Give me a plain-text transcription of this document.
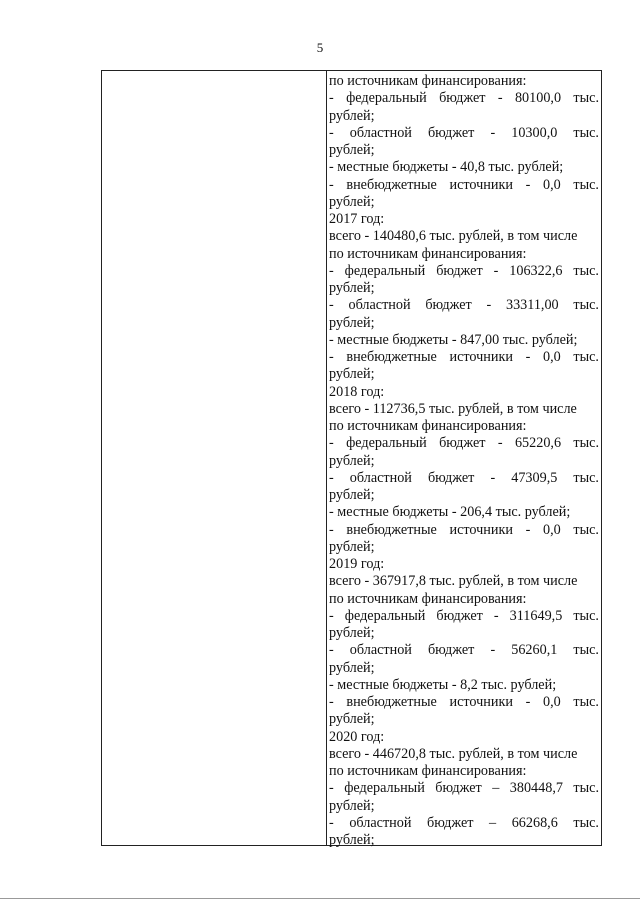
5
по источникам финансирования:
- федеральный бюджет - 80100,0 тыс.
рублей;
- областной бюджет - 10300,0 тыс.
рублей;
- местные бюджеты - 40,8 тыс. рублей;
- внебюджетные источники - 0,0 тыс.
рублей;
2017 год:
всего - 140480,6 тыс. рублей, в том числе
по источникам финансирования:
- федеральный бюджет - 106322,6 тыс.
рублей;
- областной бюджет - 33311,00 тыс.
рублей;
- местные бюджеты - 847,00 тыс. рублей;
- внебюджетные источники - 0,0 тыс.
рублей;
2018 год:
всего - 112736,5 тыс. рублей, в том числе
по источникам финансирования:
- федеральный бюджет - 65220,6 тыс.
рублей;
- областной бюджет - 47309,5 тыс.
рублей;
- местные бюджеты - 206,4 тыс. рублей;
- внебюджетные источники - 0,0 тыс.
рублей;
2019 год:
всего - 367917,8 тыс. рублей, в том числе
по источникам финансирования:
- федеральный бюджет - 311649,5 тыс.
рублей;
- областной бюджет - 56260,1 тыс.
рублей;
- местные бюджеты - 8,2 тыс. рублей;
- внебюджетные источники - 0,0 тыс.
рублей;
2020 год:
всего - 446720,8 тыс. рублей, в том числе
по источникам финансирования:
- федеральный бюджет – 380448,7 тыс.
рублей;
- областной бюджет – 66268,6 тыс.
рублей;
